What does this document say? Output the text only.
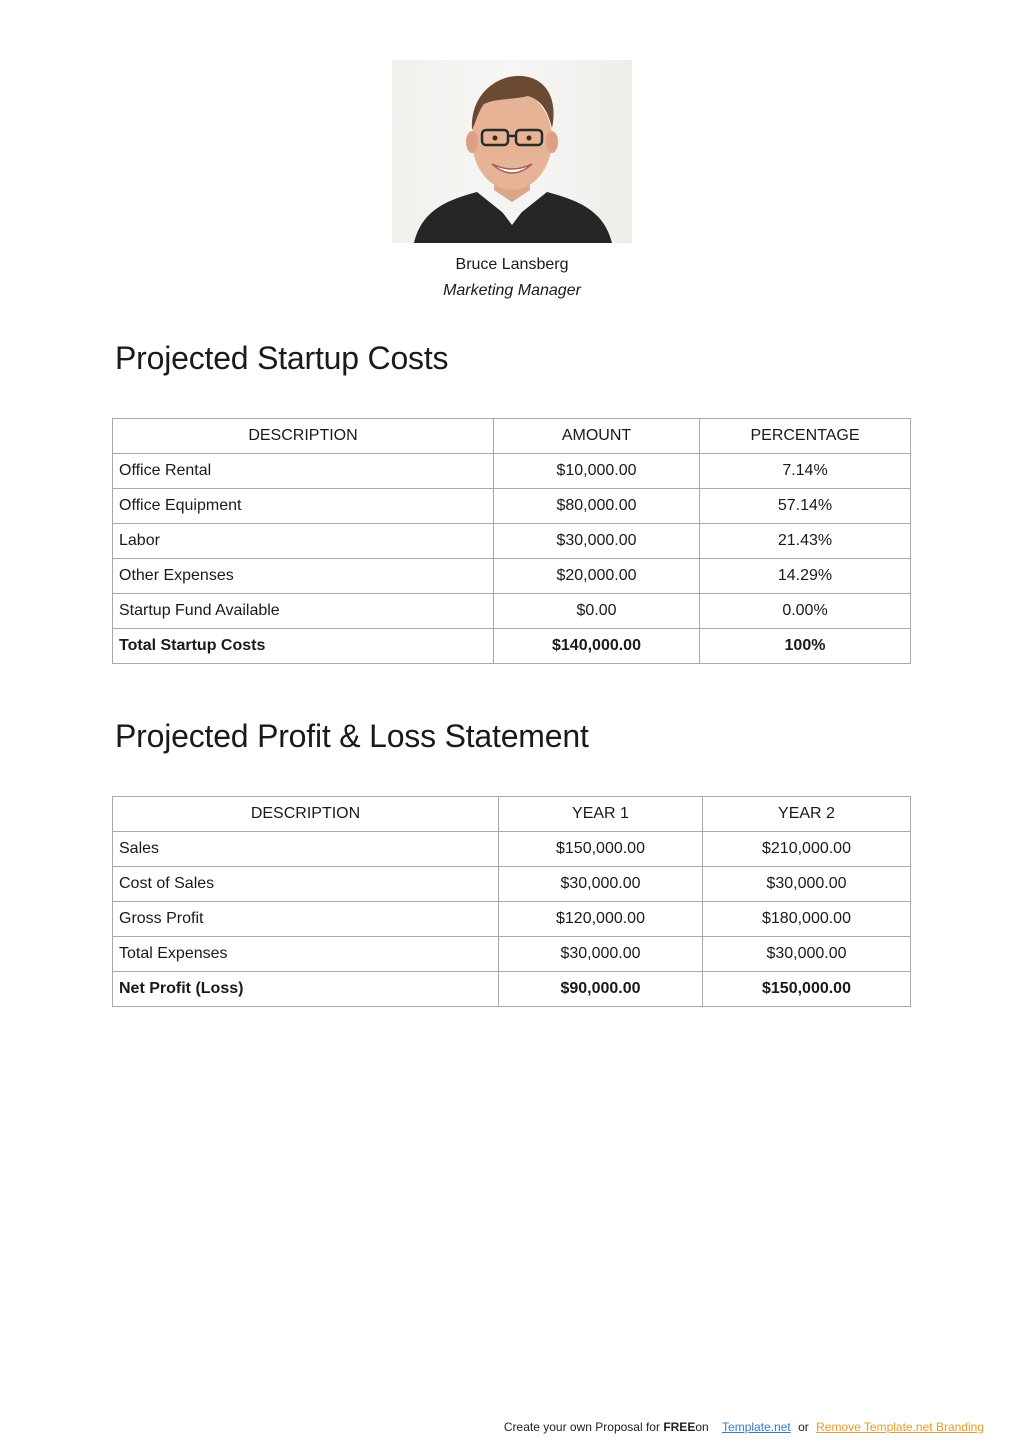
Bruce Lansberg
Marketing Manager
Projected Startup Costs
DESCRIPTION	AMOUNT	PERCENTAGE
Office Rental	$10,000.00	7.14%
Office Equipment	$80,000.00	57.14%
Labor	$30,000.00	21.43%
Other Expenses	$20,000.00	14.29%
Startup Fund Available	$0.00	0.00%
Total Startup Costs	$140,000.00	100%
Projected Profit & Loss Statement
DESCRIPTION	YEAR 1	YEAR 2
Sales	$150,000.00	$210,000.00
Cost of Sales	$30,000.00	$30,000.00
Gross Profit	$120,000.00	$180,000.00
Total Expenses	$30,000.00	$30,000.00
Net Profit (Loss)	$90,000.00	$150,000.00
Create your own Proposal for FREEon Template.net or Remove Template.net Branding
